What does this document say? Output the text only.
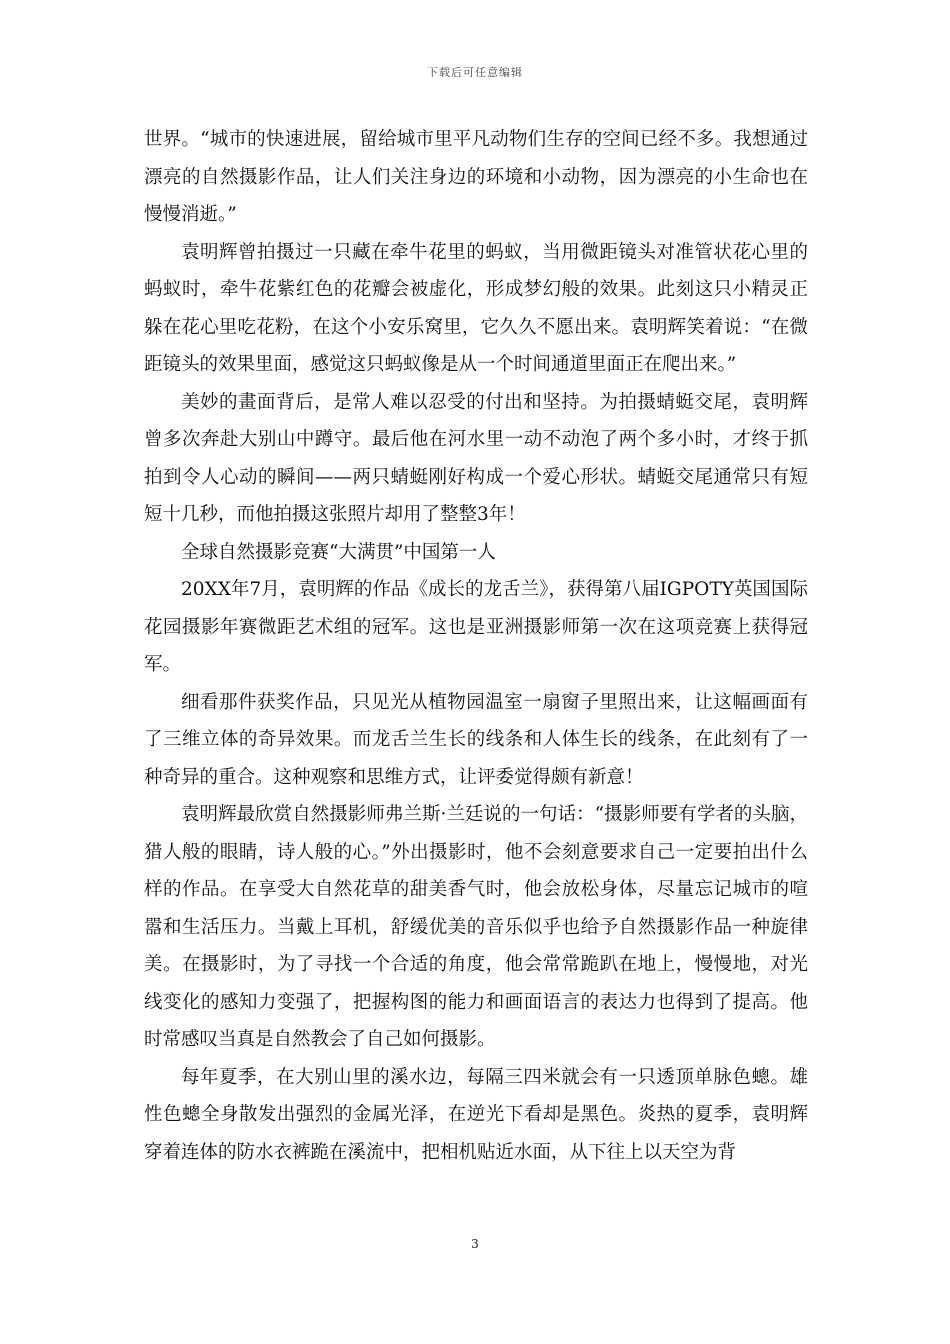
下载后可任意编辑

世界。“城市的快速进展，留给城市里平凡动物们生存的空间已经不多。我想通过漂亮的自然摄影作品，让人们关注身边的环境和小动物，因为漂亮的小生命也在慢慢消逝。”

袁明辉曾拍摄过一只藏在牵牛花里的蚂蚁，当用微距镜头对准管状花心里的蚂蚁时，牵牛花紫红色的花瓣会被虚化，形成梦幻般的效果。此刻这只小精灵正躲在花心里吃花粉，在这个小安乐窝里，它久久不愿出来。袁明辉笑着说：“在微距镜头的效果里面，感觉这只蚂蚁像是从一个时间通道里面正在爬出来。”

美妙的畫面背后，是常人难以忍受的付出和坚持。为拍摄蜻蜓交尾，袁明辉曾多次奔赴大别山中蹲守。最后他在河水里一动不动泡了两个多小时，才终于抓拍到令人心动的瞬间——两只蜻蜓刚好构成一个爱心形状。蜻蜓交尾通常只有短短十几秒，而他拍摄这张照片却用了整整3年！

全球自然摄影竞赛“大满贯”中国第一人

20XX年7月，袁明辉的作品《成长的龙舌兰》，获得第八届IGPOTY英国国际花园摄影年赛微距艺术组的冠军。这也是亚洲摄影师第一次在这项竞赛上获得冠军。

细看那件获奖作品，只见光从植物园温室一扇窗子里照出来，让这幅画面有了三维立体的奇异效果。而龙舌兰生长的线条和人体生长的线条，在此刻有了一种奇异的重合。这种观察和思维方式，让评委觉得颇有新意！

袁明辉最欣赏自然摄影师弗兰斯·兰廷说的一句话：“摄影师要有学者的头脑，猎人般的眼睛，诗人般的心。”外出摄影时，他不会刻意要求自己一定要拍出什么样的作品。在享受大自然花草的甜美香气时，他会放松身体，尽量忘记城市的喧嚣和生活压力。当戴上耳机，舒缓优美的音乐似乎也给予自然摄影作品一种旋律美。在摄影时，为了寻找一个合适的角度，他会常常跪趴在地上，慢慢地，对光线变化的感知力变强了，把握构图的能力和画面语言的表达力也得到了提高。他时常感叹当真是自然教会了自己如何摄影。

每年夏季，在大别山里的溪水边，每隔三四米就会有一只透顶单脉色蟌。雄性色蟌全身散发出强烈的金属光泽，在逆光下看却是黑色。炎热的夏季，袁明辉穿着连体的防水衣裤跪在溪流中，把相机贴近水面，从下往上以天空为背

3
